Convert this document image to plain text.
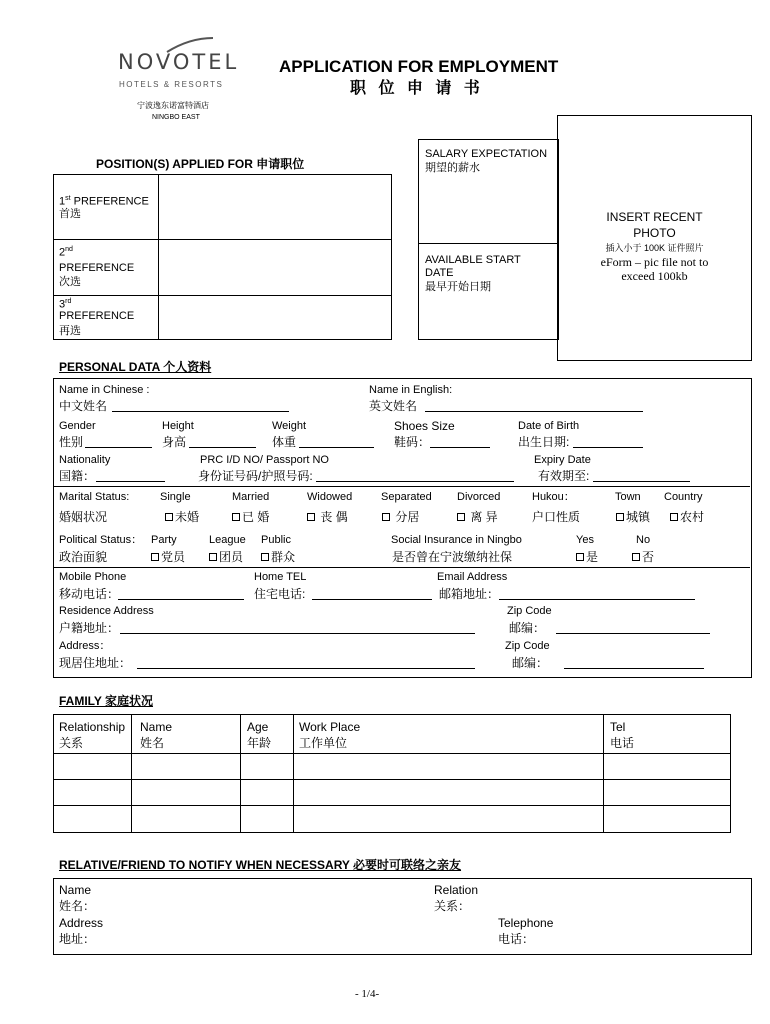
NOVOTEL
HOTELS & RESORTS
宁波逸东诺富特酒店
NINGBO EAST
APPLICATION FOR EMPLOYMENT
职 位 申 请 书
POSITION(S) APPLIED FOR 申请职位
1st PREFERENCE
首选
2nd
PREFERENCE
次选
3rd
PREFERENCE
再选
SALARY EXPECTATION
期望的薪水
AVAILABLE START
DATE
最早开始日期
INSERT RECENT
PHOTO
插入小于 100K 证件照片
eForm – pic file not to
exceed 100kb
PERSONAL DATA 个人资料
Name in Chinese :
中文姓名
Name in English:
英文姓名
Gender
性别
Height
身高
Weight
体重
Shoes Size
鞋码：
Date of Birth
出生日期:
Nationality
国籍：
PRC I/D NO/ Passport NO
身份证号码/护照号码:
Expiry Date
有效期至:
Marital Status:
婚姻状况
Single
未婚
Married
已 婚
Widowed
丧 偶
Separated
分居
Divorced
离 异
Hukou：
户口性质
Town
城镇
Country
农村
Political Status：
政治面貌
Party
党员
League
团员
Public
群众
Social Insurance in Ningbo
是否曾在宁波缴纳社保
Yes
是
No
否
Mobile Phone
移动电话：
Home TEL
住宅电话:
Email Address
邮箱地址：
Residence Address
户籍地址：
Zip Code
邮编：
Address：
现居住地址：
Zip Code
邮编：
FAMILY 家庭状况
Relationship
关系
Name
姓名
Age
年龄
Work Place
工作单位
Tel
电话
RELATIVE/FRIEND TO NOTIFY WHEN NECESSARY 必要时可联络之亲友
Name
姓名：
Relation
关系：
Address
地址：
Telephone
电话：
- 1/4-
